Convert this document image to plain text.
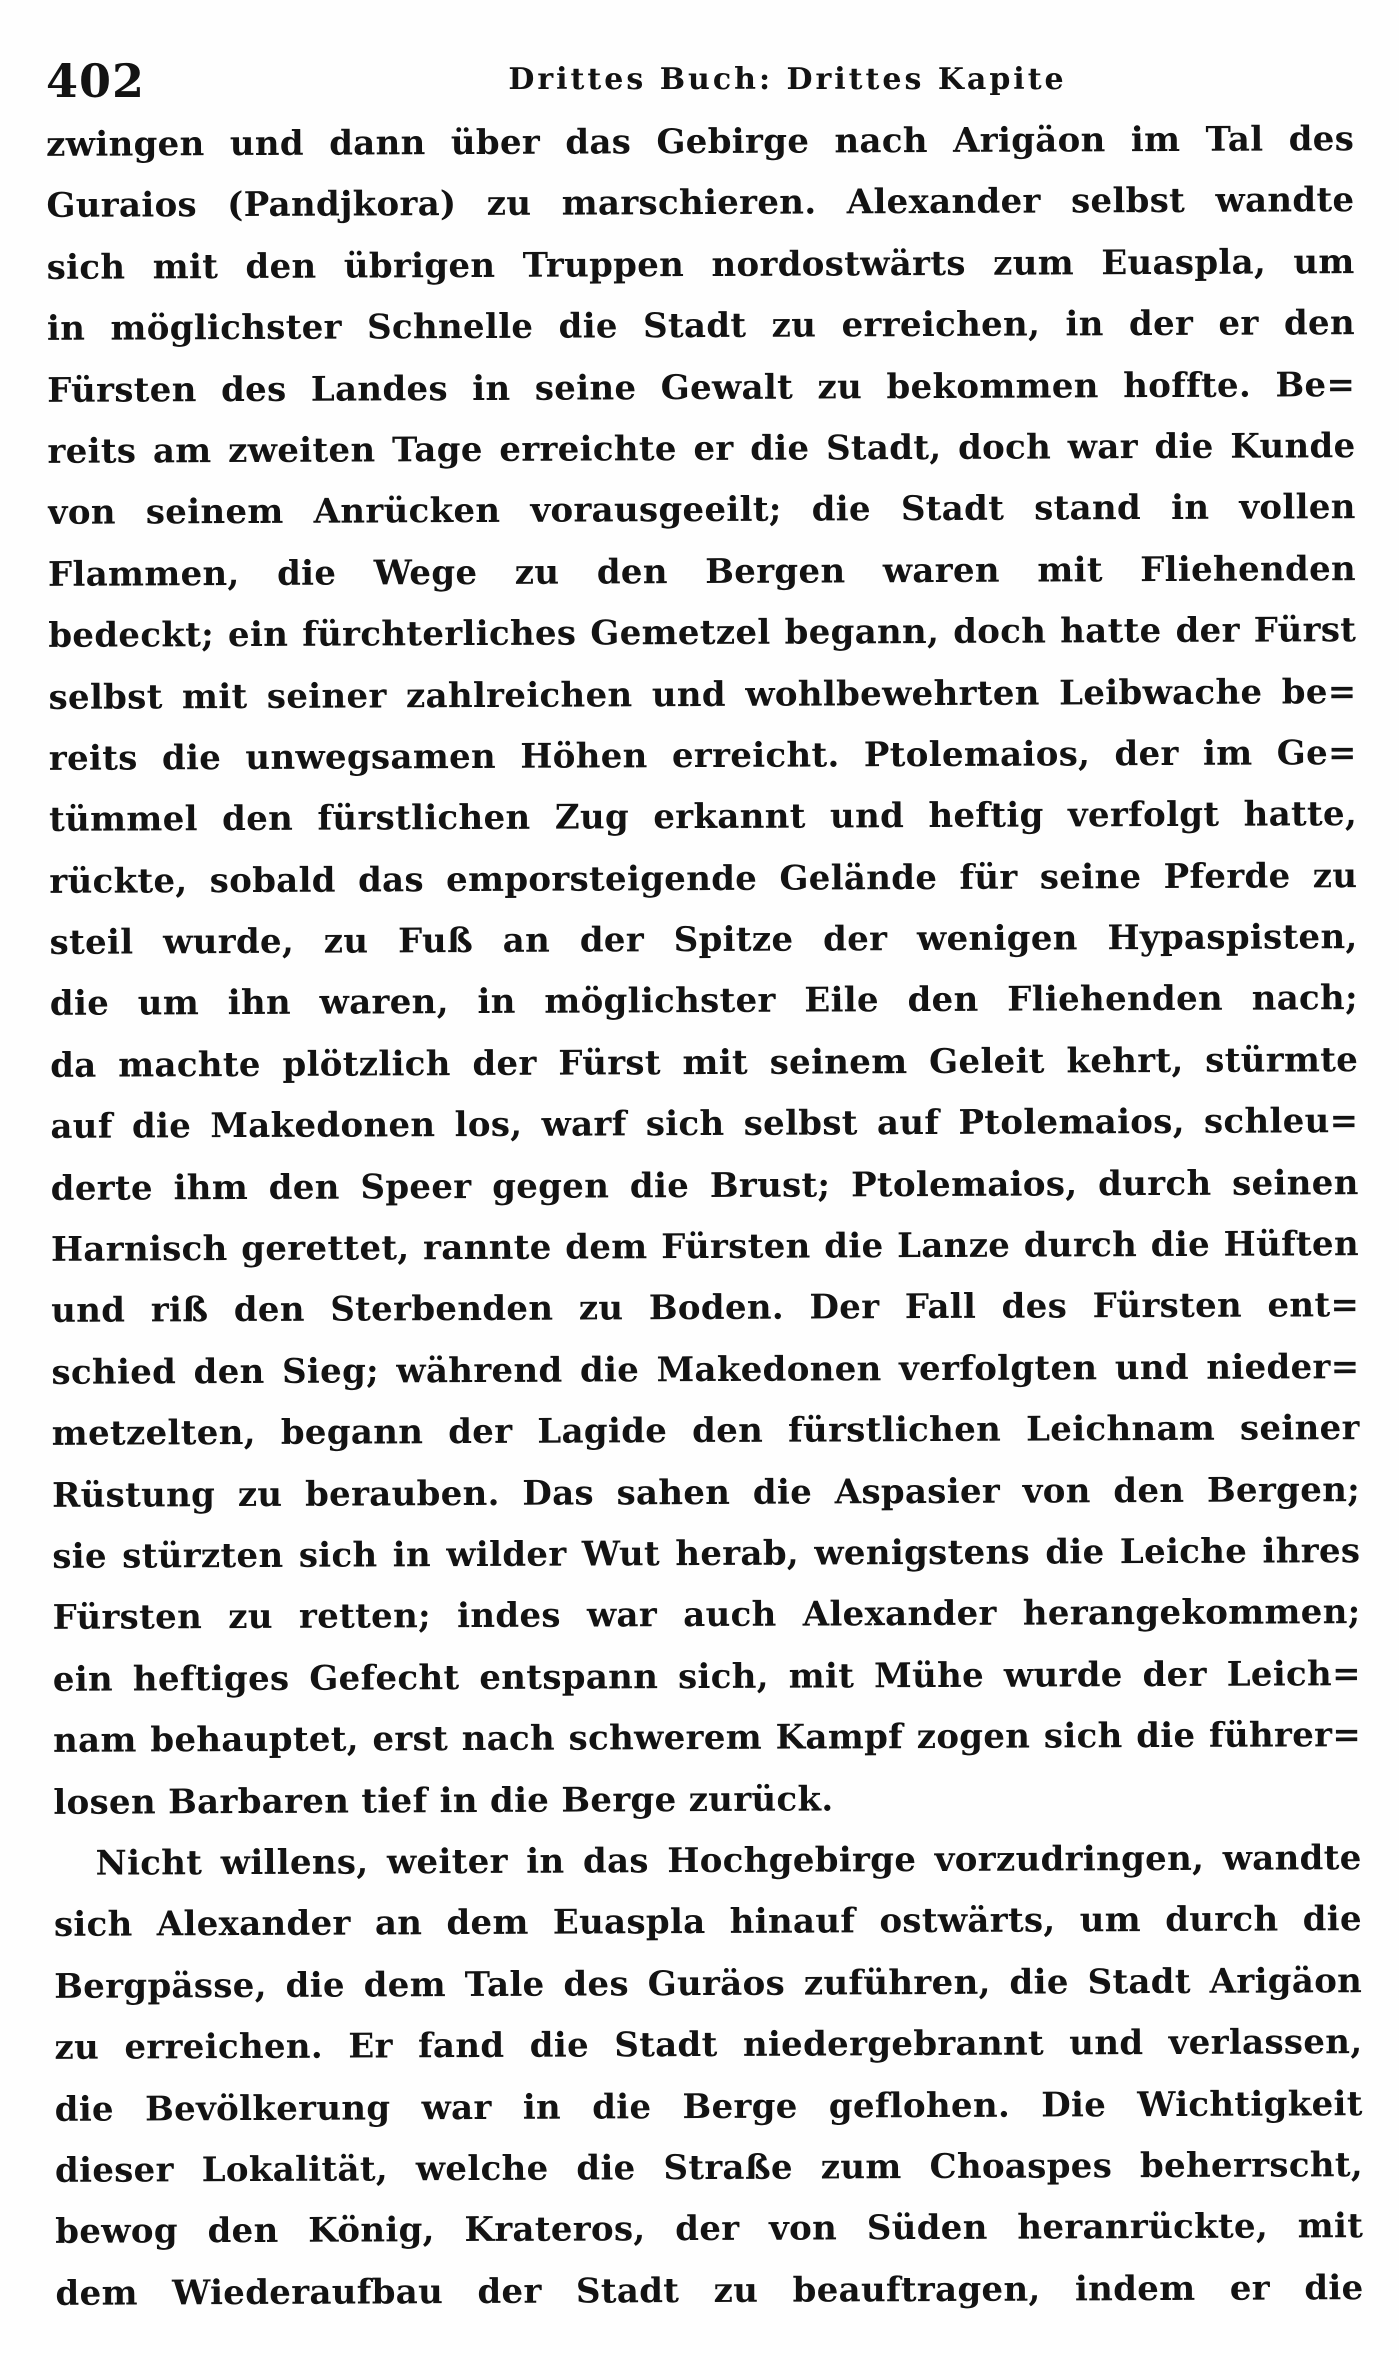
402	Drittes Buch: Drittes Kapite
zwingen und dann über das Gebirge nach Arigäon im Tal des
Guraios (Pandjkora) zu marschieren. Alexander selbst wandte
sich mit den übrigen Truppen nordostwärts zum Euaspla, um
in möglichster Schnelle die Stadt zu erreichen, in der er den
Fürsten des Landes in seine Gewalt zu bekommen hoffte. Be=
reits am zweiten Tage erreichte er die Stadt, doch war die Kunde
von seinem Anrücken vorausgeeilt; die Stadt stand in vollen
Flammen, die Wege zu den Bergen waren mit Fliehenden
bedeckt; ein fürchterliches Gemetzel begann, doch hatte der Fürst
selbst mit seiner zahlreichen und wohlbewehrten Leibwache be=
reits die unwegsamen Höhen erreicht. Ptolemaios, der im Ge=
tümmel den fürstlichen Zug erkannt und heftig verfolgt hatte,
rückte, sobald das emporsteigende Gelände für seine Pferde zu
steil wurde, zu Fuß an der Spitze der wenigen Hypaspisten,
die um ihn waren, in möglichster Eile den Fliehenden nach;
da machte plötzlich der Fürst mit seinem Geleit kehrt, stürmte
auf die Makedonen los, warf sich selbst auf Ptolemaios, schleu=
derte ihm den Speer gegen die Brust; Ptolemaios, durch seinen
Harnisch gerettet, rannte dem Fürsten die Lanze durch die Hüften
und riß den Sterbenden zu Boden. Der Fall des Fürsten ent=
schied den Sieg; während die Makedonen verfolgten und nieder=
metzelten, begann der Lagide den fürstlichen Leichnam seiner
Rüstung zu berauben. Das sahen die Aspasier von den Bergen;
sie stürzten sich in wilder Wut herab, wenigstens die Leiche ihres
Fürsten zu retten; indes war auch Alexander herangekommen;
ein heftiges Gefecht entspann sich, mit Mühe wurde der Leich=
nam behauptet, erst nach schwerem Kampf zogen sich die führer=
losen Barbaren tief in die Berge zurück.
Nicht willens, weiter in das Hochgebirge vorzudringen, wandte
sich Alexander an dem Euaspla hinauf ostwärts, um durch die
Bergpässe, die dem Tale des Guräos zuführen, die Stadt Arigäon
zu erreichen. Er fand die Stadt niedergebrannt und verlassen,
die Bevölkerung war in die Berge geflohen. Die Wichtigkeit
dieser Lokalität, welche die Straße zum Choaspes beherrscht,
bewog den König, Krateros, der von Süden heranrückte, mit
dem Wiederaufbau der Stadt zu beauftragen, indem er die
